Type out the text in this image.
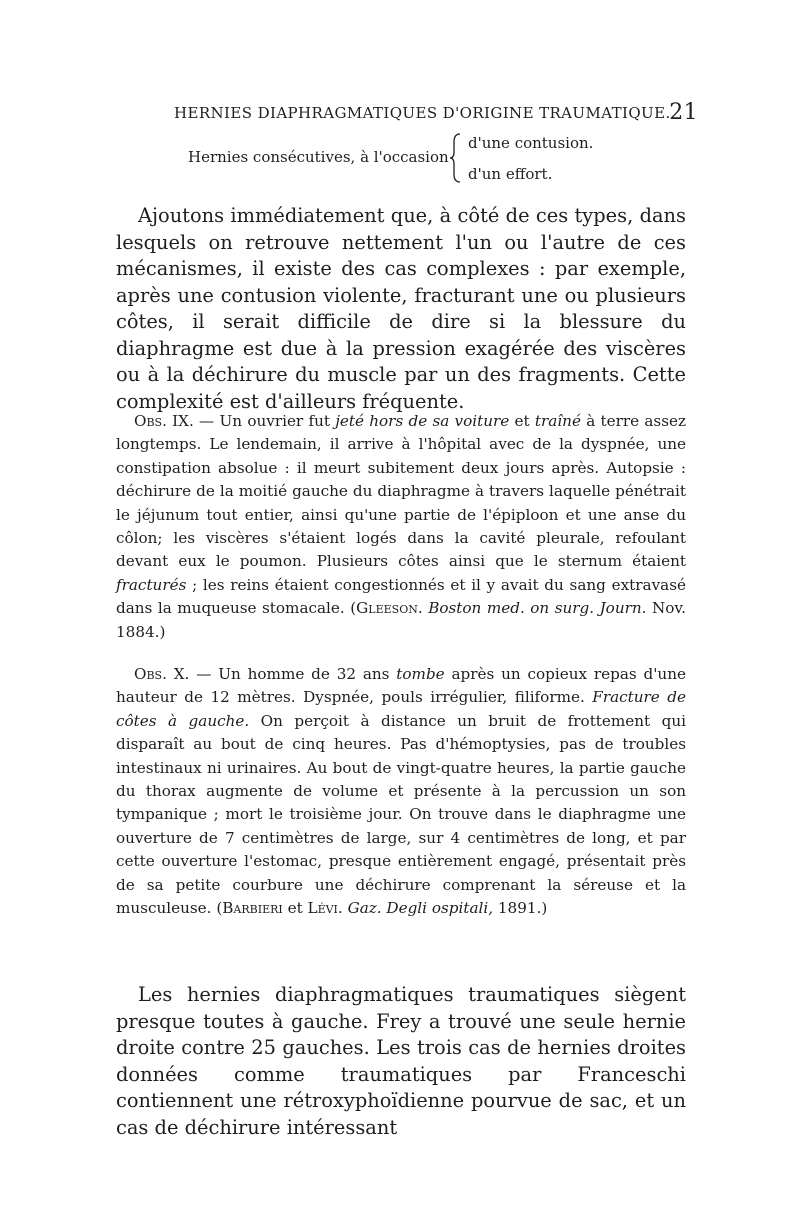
HERNIES DIAPHRAGMATIQUES D'ORIGINE TRAUMATIQUE.
21
Hernies consécutives, à l'occasion
d'une contusion.
d'un effort.

Ajoutons immédiatement que, à côté de ces types, dans lesquels on retrouve nettement l'un ou l'autre de ces mécanismes, il existe des cas complexes : par exemple, après une contusion violente, fracturant une ou plusieurs côtes, il serait difficile de dire si la blessure du diaphragme est due à la pression exagérée des viscères ou à la déchirure du muscle par un des fragments. Cette complexité est d'ailleurs fréquente.

Obs. IX. — Un ouvrier fut jeté hors de sa voiture et traîné à terre assez longtemps. Le lendemain, il arrive à l'hôpital avec de la dyspnée, une constipation absolue : il meurt subitement deux jours après. Autopsie : déchirure de la moitié gauche du diaphragme à travers laquelle pénétrait le jéjunum tout entier, ainsi qu'une partie de l'épiploon et une anse du côlon; les viscères s'étaient logés dans la cavité pleurale, refoulant devant eux le poumon. Plusieurs côtes ainsi que le sternum étaient fracturés ; les reins étaient congestionnés et il y avait du sang extravasé dans la muqueuse stomacale. (Gleeson. Boston med. on surg. Journ. Nov. 1884.)

Obs. X. — Un homme de 32 ans tombe après un copieux repas d'une hauteur de 12 mètres. Dyspnée, pouls irrégulier, filiforme. Fracture de côtes à gauche. On perçoit à distance un bruit de frottement qui disparaît au bout de cinq heures. Pas d'hémoptysies, pas de troubles intestinaux ni urinaires. Au bout de vingt-quatre heures, la partie gauche du thorax augmente de volume et présente à la percussion un son tympanique ; mort le troisième jour. On trouve dans le diaphragme une ouverture de 7 centimètres de large, sur 4 centimètres de long, et par cette ouverture l'estomac, presque entièrement engagé, présentait près de sa petite courbure une déchirure comprenant la séreuse et la musculeuse. (Barbieri et Lévi. Gaz. Degli ospitali, 1891.)

Les hernies diaphragmatiques traumatiques siègent presque toutes à gauche. Frey a trouvé une seule hernie droite contre 25 gauches. Les trois cas de hernies droites données comme traumatiques par Franceschi contiennent une rétroxyphoïdienne pourvue de sac, et un cas de déchirure intéressant
